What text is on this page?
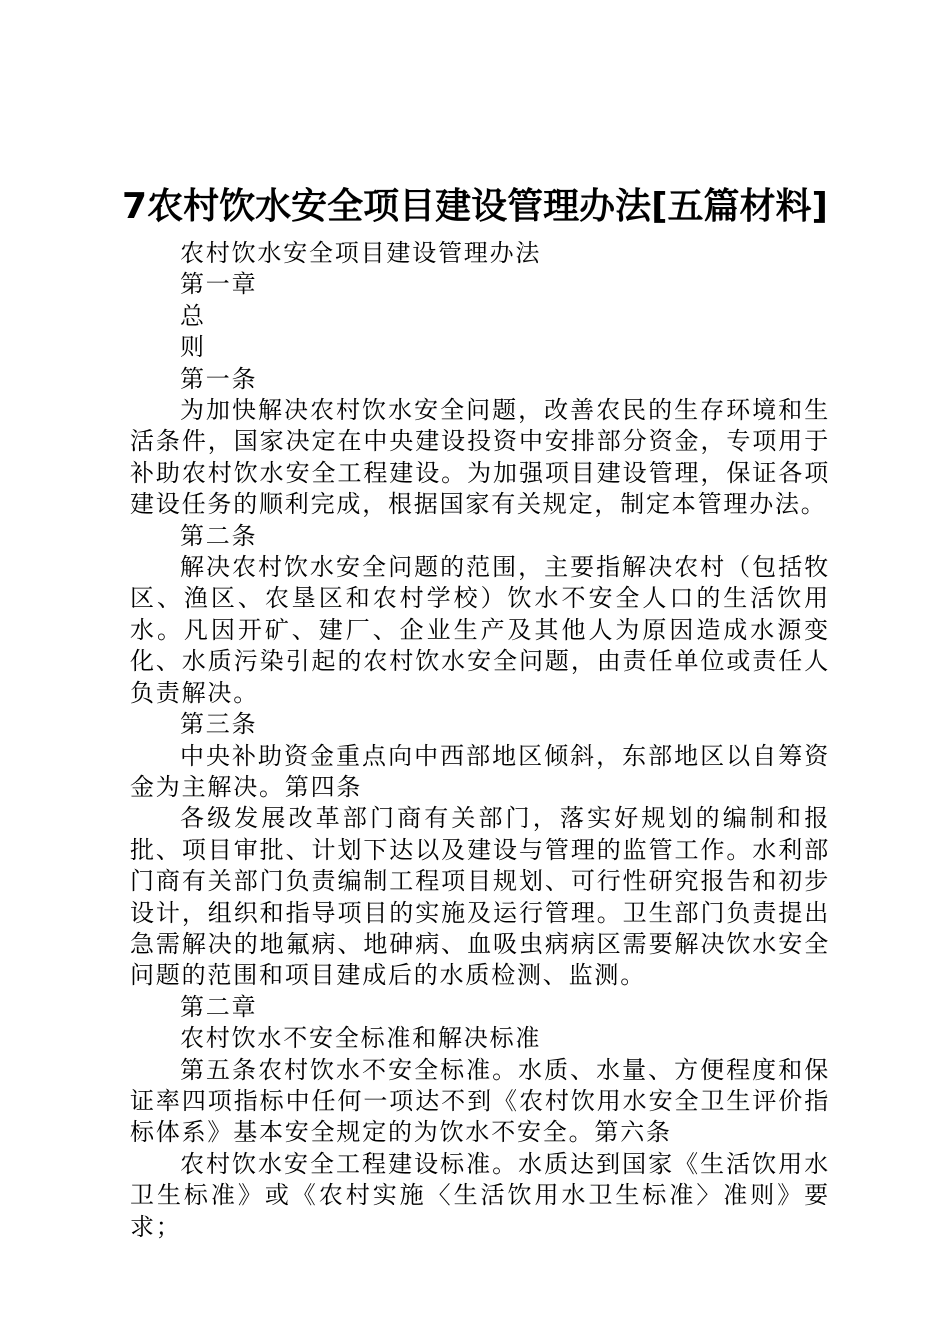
7农村饮水安全项目建设管理办法[五篇材料]

农村饮水安全项目建设管理办法

第一章

总

则

第一条

为加快解决农村饮水安全问题，改善农民的生存环境和生活条件，国家决定在中央建设投资中安排部分资金，专项用于补助农村饮水安全工程建设。为加强项目建设管理，保证各项建设任务的顺利完成，根据国家有关规定，制定本管理办法。

第二条

解决农村饮水安全问题的范围，主要指解决农村（包括牧区、渔区、农垦区和农村学校）饮水不安全人口的生活饮用水。凡因开矿、建厂、企业生产及其他人为原因造成水源变化、水质污染引起的农村饮水安全问题，由责任单位或责任人负责解决。

第三条

中央补助资金重点向中西部地区倾斜，东部地区以自筹资金为主解决。第四条

各级发展改革部门商有关部门，落实好规划的编制和报批、项目审批、计划下达以及建设与管理的监管工作。水利部门商有关部门负责编制工程项目规划、可行性研究报告和初步设计，组织和指导项目的实施及运行管理。卫生部门负责提出急需解决的地氟病、地砷病、血吸虫病病区需要解决饮水安全问题的范围和项目建成后的水质检测、监测。

第二章

农村饮水不安全标准和解决标准

第五条农村饮水不安全标准。水质、水量、方便程度和保证率四项指标中任何一项达不到《农村饮用水安全卫生评价指标体系》基本安全规定的为饮水不安全。第六条

农村饮水安全工程建设标准。水质达到国家《生活饮用水卫生标准》或《农村实施〈生活饮用水卫生标准〉准则》要求；
